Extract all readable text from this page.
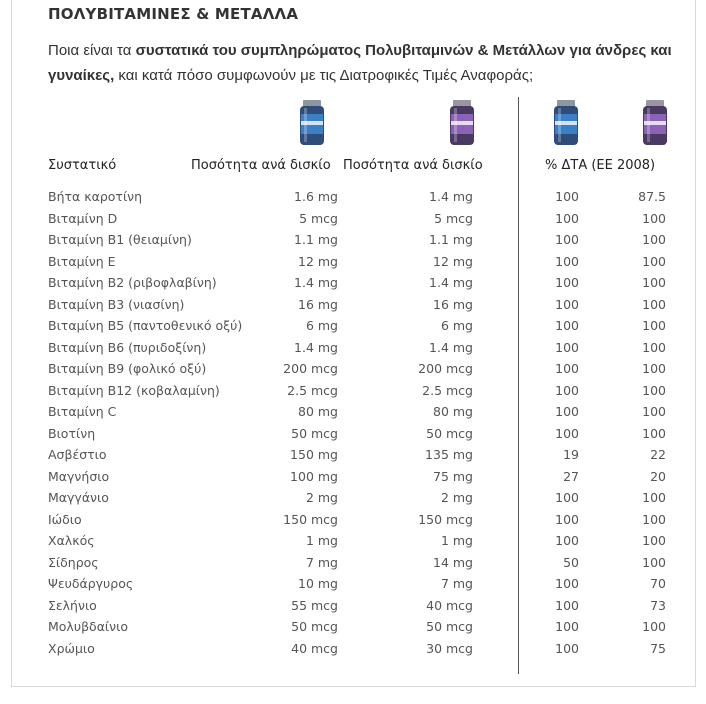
ΠΟΛΥΒΙΤΑΜΙΝΕΣ & ΜΕΤΑΛΛΑ
Ποια είναι τα συστατικά του συμπληρώματος Πολυβιταμινών & Μετάλλων για άνδρες και γυναίκες, και κατά πόσο συμφωνούν με τις Διατροφικές Τιμές Αναφοράς;
Συστατικό	Ποσότητα ανά δισκίο Ποσότητα ανά δισκίο	% ΔΤΑ (ΕΕ 2008)
Βήτα καροτίνη	1.6 mg	1.4 mg	100	87.5
Βιταμίνη D	5 mcg	5 mcg	100	100
Βιταμίνη Β1 (θειαμίνη)	1.1 mg	1.1 mg	100	100
Βιταμίνη Ε	12 mg	12 mg	100	100
Βιταμίνη Β2 (ριβοφλαβίνη)	1.4 mg	1.4 mg	100	100
Βιταμίνη Β3 (νιασίνη)	16 mg	16 mg	100	100
Βιταμίνη Β5 (παντοθενικό οξύ)	6 mg	6 mg	100	100
Βιταμίνη Β6 (πυριδοξίνη)	1.4 mg	1.4 mg	100	100
Βιταμίνη Β9 (φολικό οξύ)	200 mcg	200 mcg	100	100
Βιταμίνη Β12 (κοβαλαμίνη)	2.5 mcg	2.5 mcg	100	100
Βιταμίνη C	80 mg	80 mg	100	100
Βιοτίνη	50 mcg	50 mcg	100	100
Ασβέστιο	150 mg	135 mg	19	22
Μαγνήσιο	100 mg	75 mg	27	20
Μαγγάνιο	2 mg	2 mg	100	100
Ιώδιο	150 mcg	150 mcg	100	100
Χαλκός	1 mg	1 mg	100	100
Σίδηρος	7 mg	14 mg	50	100
Ψευδάργυρος	10 mg	7 mg	100	70
Σελήνιο	55 mcg	40 mcg	100	73
Μολυβδαίνιο	50 mcg	50 mcg	100	100
Χρώμιο	40 mcg	30 mcg	100	75
